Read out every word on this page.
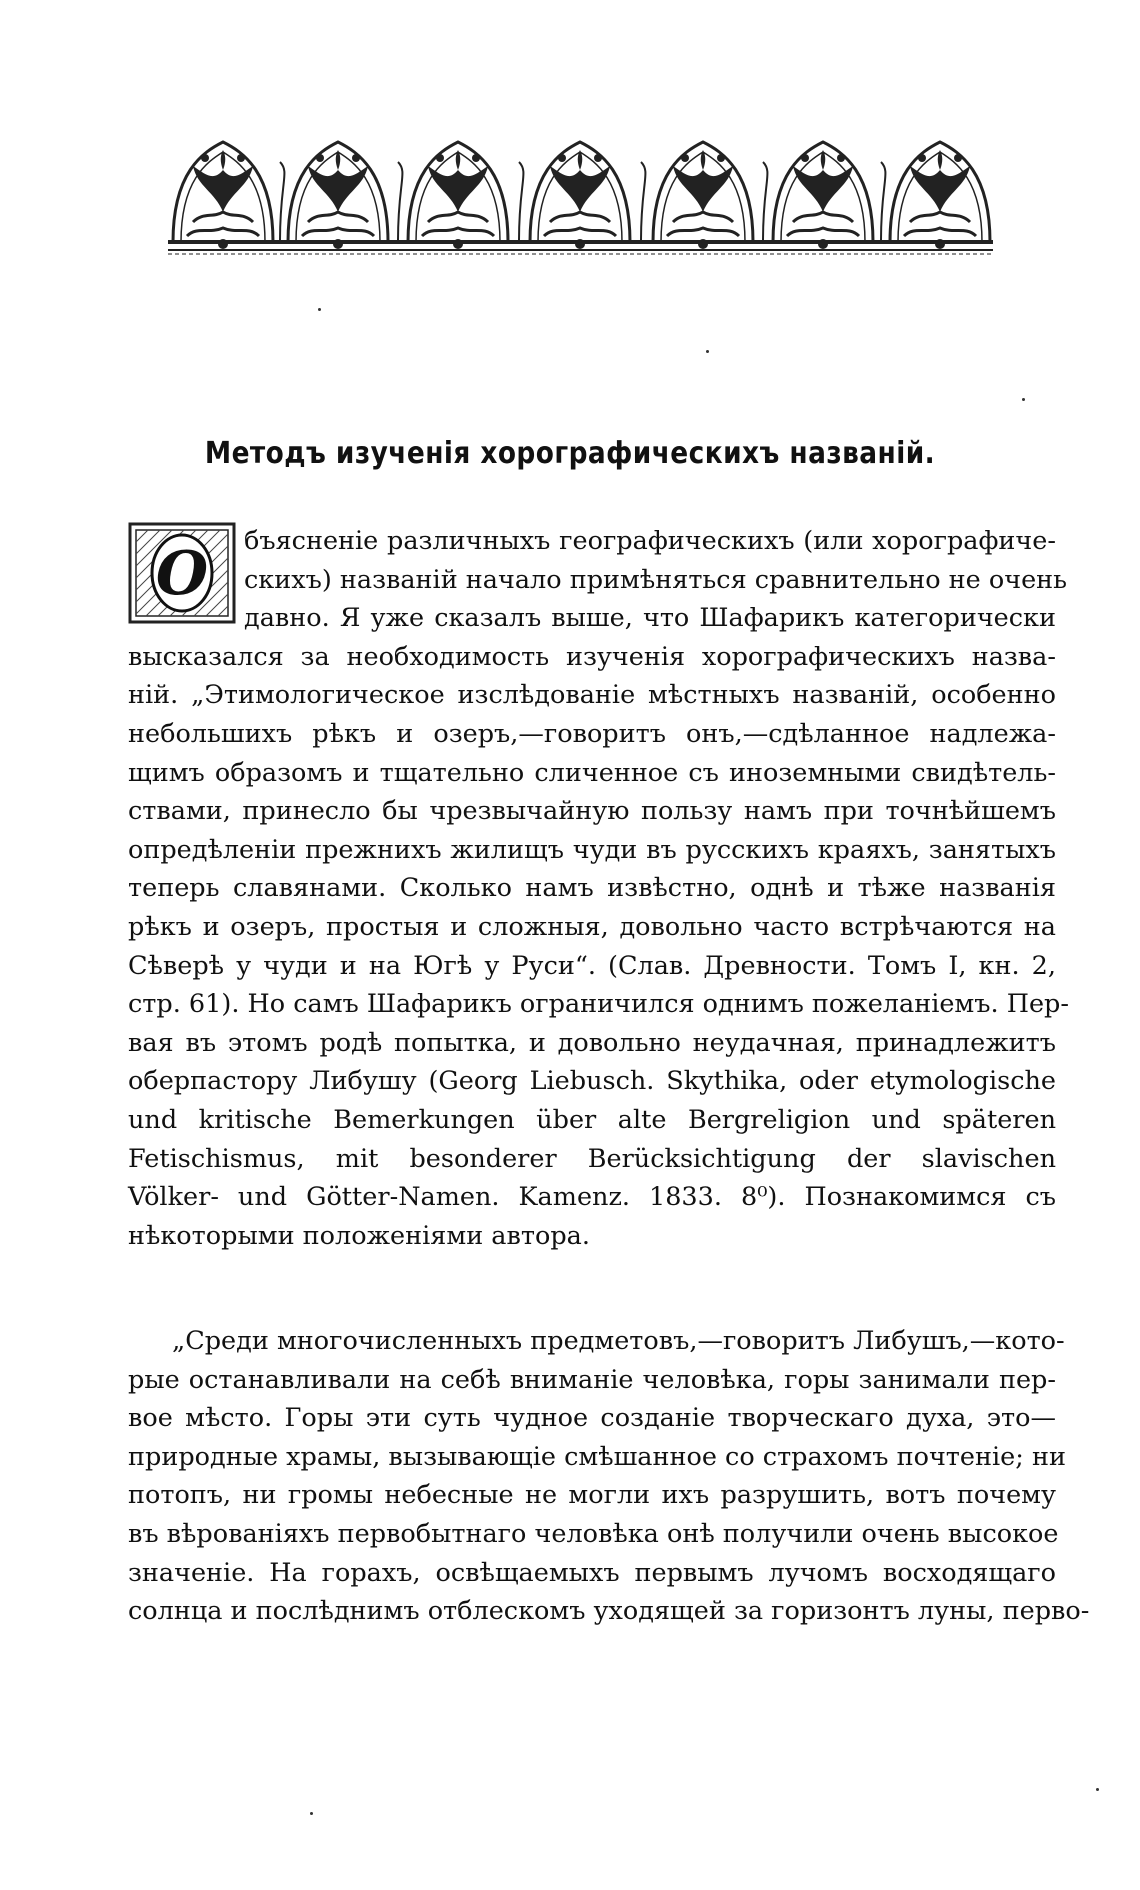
Методъ изученія хорографическихъ названій.
О бъясненіе различныхъ географическихъ (или хорографиче-
скихъ) названій начало примѣняться сравнительно не очень
давно. Я уже сказалъ выше, что Шафарикъ категорически
высказался за необходимость изученія хорографическихъ назва-
ній. „Этимологическое изслѣдованіе мѣстныхъ названій, особенно
небольшихъ рѣкъ и озеръ,—говоритъ онъ,—сдѣланное надлежа-
щимъ образомъ и тщательно сличенное съ иноземными свидѣтель-
ствами, принесло бы чрезвычайную пользу намъ при точнѣйшемъ
опредѣленіи прежнихъ жилищъ чуди въ русскихъ краяхъ, занятыхъ
теперь славянами. Сколько намъ извѣстно, однѣ и тѣже названія
рѣкъ и озеръ, простыя и сложныя, довольно часто встрѣчаются на
Сѣверѣ у чуди и на Югѣ у Руси“. (Слав. Древности. Томъ I, кн. 2,
стр. 61). Но самъ Шафарикъ ограничился однимъ пожеланіемъ. Пер-
вая въ этомъ родѣ попытка, и довольно неудачная, принадлежитъ
оберпастору Либушу (Georg Liebusch. Skythika, oder etymologische
und kritische Bemerkungen über alte Bergreligion und späteren
Fetischismus, mit besonderer Berücksichtigung der slavischen
Völker- und Götter-Namen. Kamenz. 1833. 8⁰). Познакомимся съ
нѣкоторыми положеніями автора.
„Среди многочисленныхъ предметовъ,—говоритъ Либушъ,—кото-
рые останавливали на себѣ вниманіе человѣка, горы занимали пер-
вое мѣсто. Горы эти суть чудное созданіе творческаго духа, это—
природные храмы, вызывающіе смѣшанное со страхомъ почтеніе; ни
потопъ, ни громы небесные не могли ихъ разрушить, вотъ почему
въ вѣрованіяхъ первобытнаго человѣка онѣ получили очень высокое
значеніе. На горахъ, освѣщаемыхъ первымъ лучомъ восходящаго
солнца и послѣднимъ отблескомъ уходящей за горизонтъ луны, перво-
